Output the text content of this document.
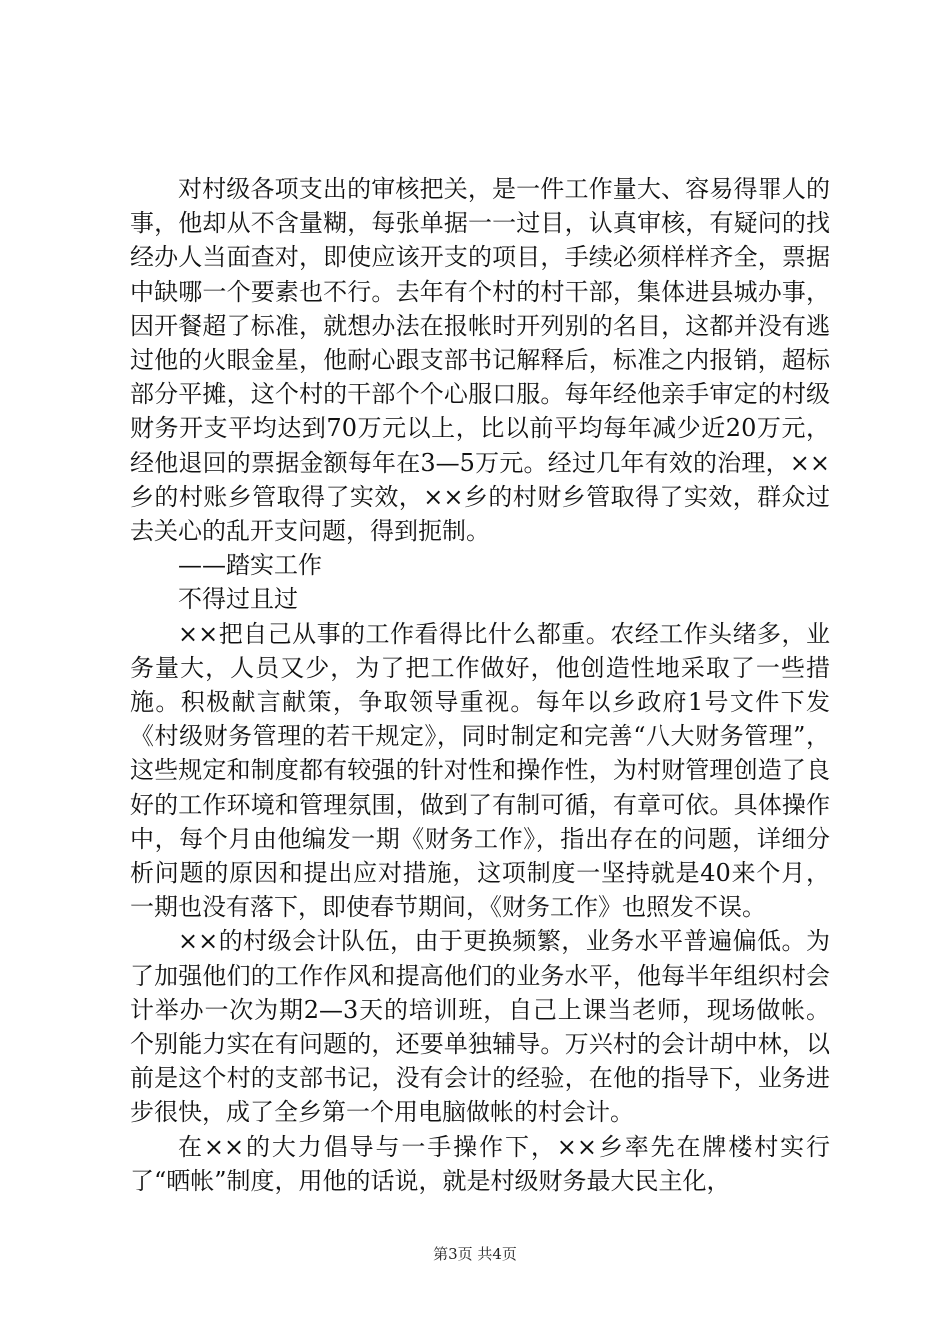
对村级各项支出的审核把关，是一件工作量大、容易得罪人的事，他却从不含量糊，每张单据一一过目，认真审核，有疑问的找经办人当面查对，即使应该开支的项目，手续必须样样齐全，票据中缺哪一个要素也不行。去年有个村的村干部，集体进县城办事，因开餐超了标准，就想办法在报帐时开列别的名目，这都并没有逃过他的火眼金星，他耐心跟支部书记解释后，标准之内报销，超标部分平摊，这个村的干部个个心服口服。每年经他亲手审定的村级财务开支平均达到70万元以上，比以前平均每年减少近20万元，经他退回的票据金额每年在3—5万元。经过几年有效的治理，××乡的村账乡管取得了实效，××乡的村财乡管取得了实效，群众过去关心的乱开支问题，得到扼制。

——踏实工作

不得过且过

××把自己从事的工作看得比什么都重。农经工作头绪多，业务量大，人员又少，为了把工作做好，他创造性地采取了一些措施。积极献言献策，争取领导重视。每年以乡政府1号文件下发《村级财务管理的若干规定》，同时制定和完善“八大财务管理”，这些规定和制度都有较强的针对性和操作性，为村财管理创造了良好的工作环境和管理氛围，做到了有制可循，有章可依。具体操作中，每个月由他编发一期《财务工作》，指出存在的问题，详细分析问题的原因和提出应对措施，这项制度一坚持就是40来个月，一期也没有落下，即使春节期间，《财务工作》也照发不误。

××的村级会计队伍，由于更换频繁，业务水平普遍偏低。为了加强他们的工作作风和提高他们的业务水平，他每半年组织村会计举办一次为期2—3天的培训班，自己上课当老师，现场做帐。个别能力实在有问题的，还要单独辅导。万兴村的会计胡中林，以前是这个村的支部书记，没有会计的经验，在他的指导下，业务进步很快，成了全乡第一个用电脑做帐的村会计。

在××的大力倡导与一手操作下，××乡率先在牌楼村实行了“晒帐”制度，用他的话说，就是村级财务最大民主化，

第3页 共4页
